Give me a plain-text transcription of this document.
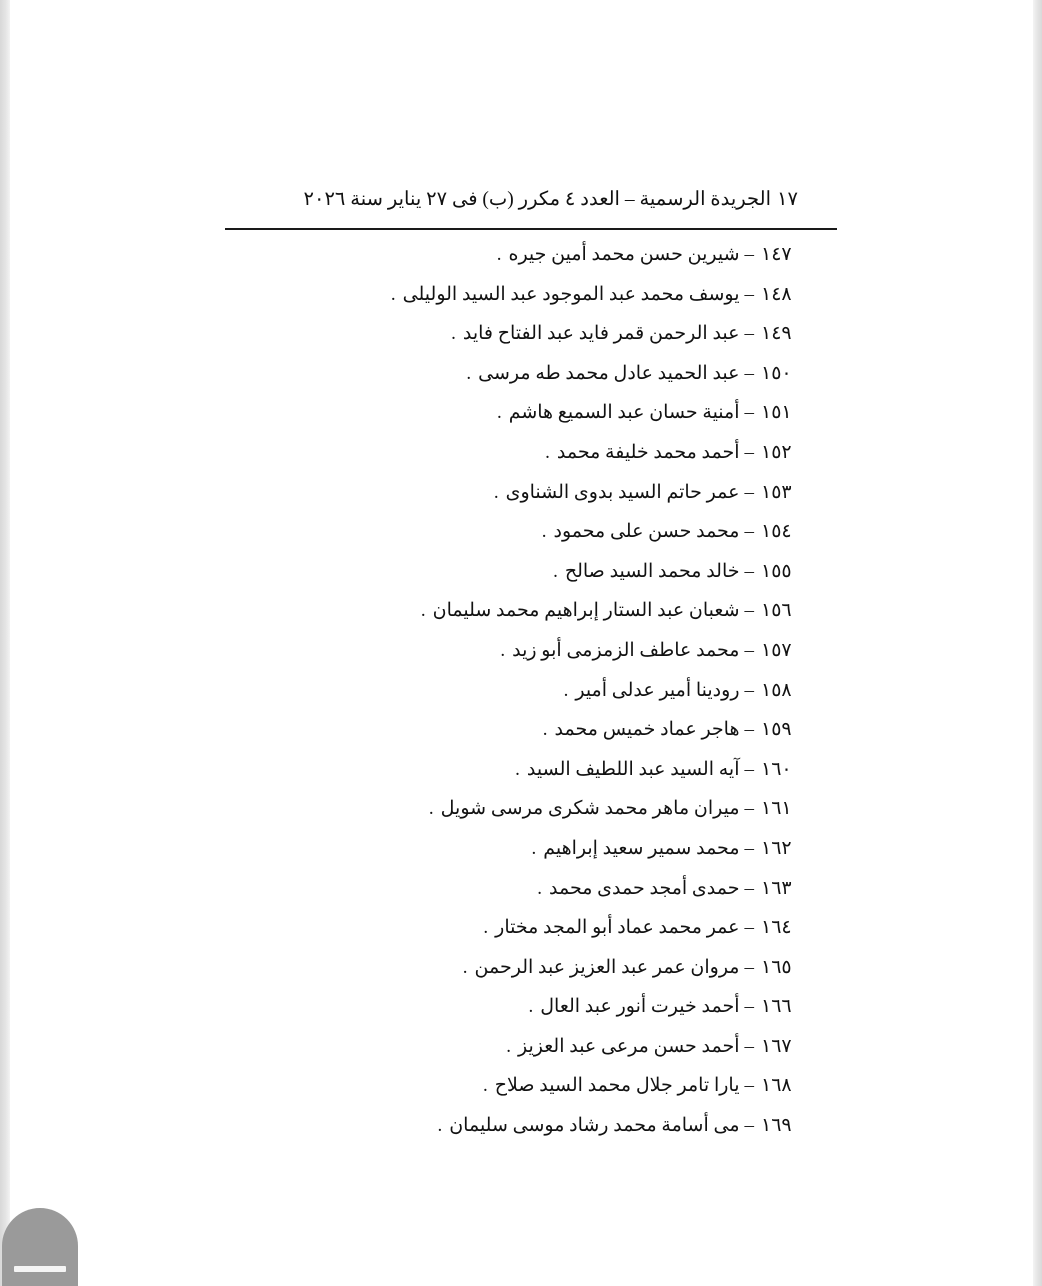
١٧
الجريدة الرسمية – العدد ٤ مكرر (ب) فى ٢٧ يناير سنة ٢٠٢٦
١٤٧
–
شيرين حسن محمد أمين جيره
.
١٤٨
–
يوسف محمد عبد الموجود عبد السيد الوليلى
.
١٤٩
–
عبد الرحمن قمر فايد عبد الفتاح فايد
.
١٥٠
–
عبد الحميد عادل محمد طه مرسى
.
١٥١
–
أمنية حسان عبد السميع هاشم
.
١٥٢
–
أحمد محمد خليفة محمد
.
١٥٣
–
عمر حاتم السيد بدوى الشناوى
.
١٥٤
–
محمد حسن على محمود
.
١٥٥
–
خالد محمد السيد صالح
.
١٥٦
–
شعبان عبد الستار إبراهيم محمد سليمان
.
١٥٧
–
محمد عاطف الزمزمى أبو زيد
.
١٥٨
–
رودينا أمير عدلى أمير
.
١٥٩
–
هاجر عماد خميس محمد
.
١٦٠
–
آيه السيد عبد اللطيف السيد
.
١٦١
–
ميران ماهر محمد شكرى مرسى شويل
.
١٦٢
–
محمد سمير سعيد إبراهيم
.
١٦٣
–
حمدى أمجد حمدى محمد
.
١٦٤
–
عمر محمد عماد أبو المجد مختار
.
١٦٥
–
مروان عمر عبد العزيز عبد الرحمن
.
١٦٦
–
أحمد خيرت أنور عبد العال
.
١٦٧
–
أحمد حسن مرعى عبد العزيز
.
١٦٨
–
يارا تامر جلال محمد السيد صلاح
.
١٦٩
–
مى أسامة محمد رشاد موسى سليمان
.
